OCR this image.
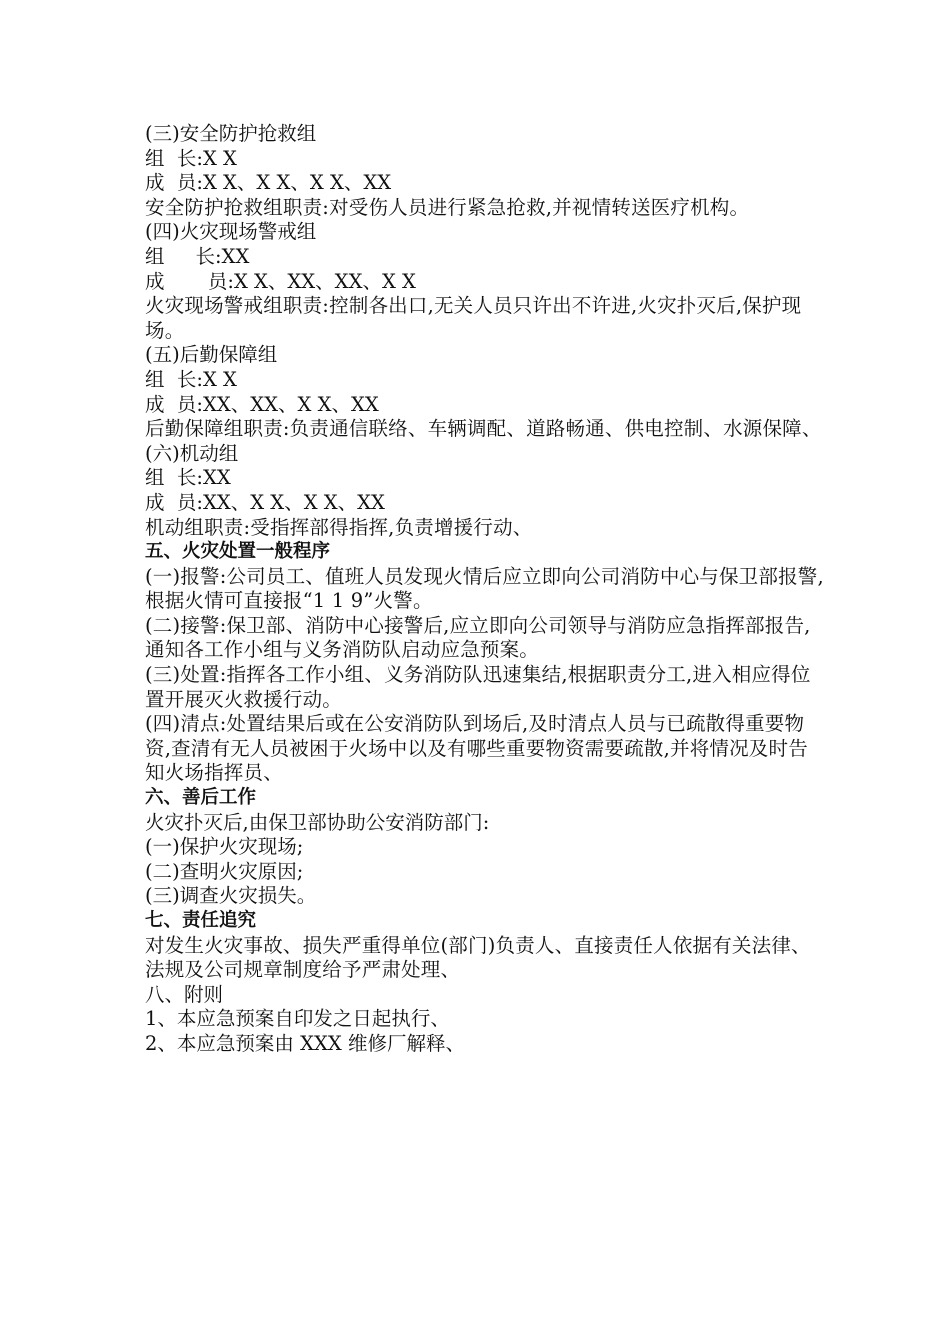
(三)安全防护抢救组

组  长:X X

成  员:X X、X X、X X、XX

安全防护抢救组职责:对受伤人员进行紧急抢救,并视情转送医疗机构。

(四)火灾现场警戒组

组     长:XX

成       员:X X、XX、XX、X X

火灾现场警戒组职责:控制各出口,无关人员只许出不许进,火灾扑灭后,保护现场。

(五)后勤保障组

组  长:X X

成  员:XX、XX、X X、XX

后勤保障组职责:负责通信联络、车辆调配、道路畅通、供电控制、水源保障、

(六)机动组

组  长:XX

成  员:XX、X X、X X、XX

机动组职责:受指挥部得指挥,负责增援行动、

五、火灾处置一般程序

(一)报警:公司员工、值班人员发现火情后应立即向公司消防中心与保卫部报警,根据火情可直接报“1 1 9”火警。

(二)接警:保卫部、消防中心接警后,应立即向公司领导与消防应急指挥部报告,通知各工作小组与义务消防队启动应急预案。

(三)处置:指挥各工作小组、义务消防队迅速集结,根据职责分工,进入相应得位置开展灭火救援行动。

(四)清点:处置结果后或在公安消防队到场后,及时清点人员与已疏散得重要物资,查清有无人员被困于火场中以及有哪些重要物资需要疏散,并将情况及时告知火场指挥员、

六、善后工作

火灾扑灭后,由保卫部协助公安消防部门:

(一)保护火灾现场;

(二)查明火灾原因;

(三)调查火灾损失。

七、责任追究

对发生火灾事故、损失严重得单位(部门)负责人、直接责任人依据有关法律、法规及公司规章制度给予严肃处理、

八、附则

1、本应急预案自印发之日起执行、

2、本应急预案由 XXX 维修厂解释、
